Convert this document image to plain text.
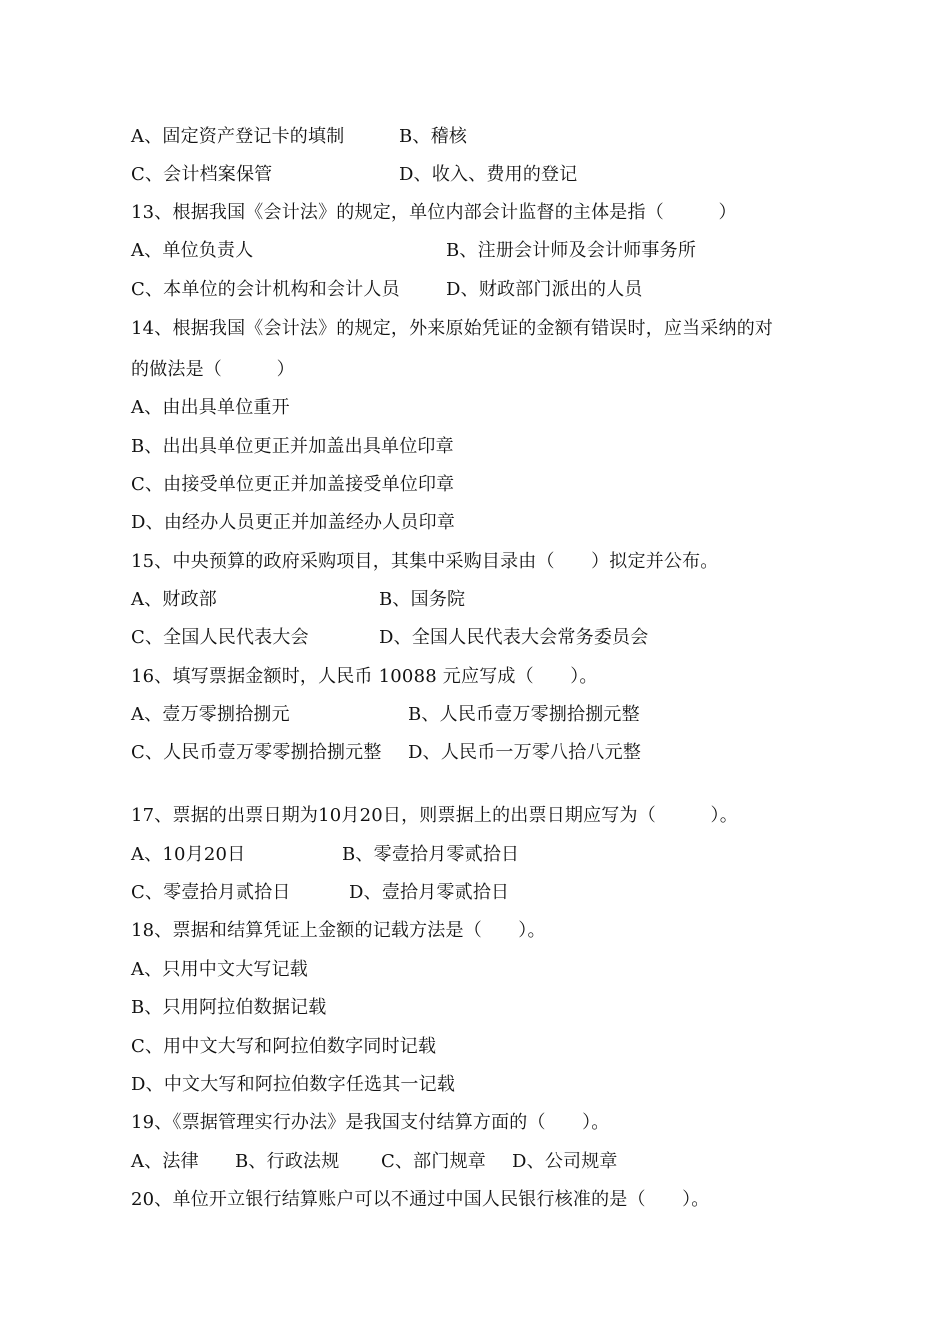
A、固定资产登记卡的填制

	B、稽核

C、会计档案保管

	D、收入、费用的登记

13、根据我国《会计法》的规定，单位内部会计监督的主体是指（　　　）

A、单位负责人

	B、注册会计师及会计师事务所

C、本单位的会计机构和会计人员

	D、财政部门派出的人员

14、根据我国《会计法》的规定，外来原始凭证的金额有错误时，应当采纳的对

的做法是（　　　）

A、由出具单位重开

B、出出具单位更正并加盖出具单位印章

C、由接受单位更正并加盖接受单位印章

D、由经办人员更正并加盖经办人员印章

15、中央预算的政府采购项目，其集中采购目录由（　　）拟定并公布。

A、财政部

	B、国务院

C、全国人民代表大会

	D、全国人民代表大会常务委员会

16、填写票据金额时，人民币 10088 元应写成（　　）。

A、壹万零捌拾捌元

	B、人民币壹万零捌拾捌元整

C、人民币壹万零零捌拾捌元整

D、人民币一万零八拾八元整

17、票据的出票日期为10月20日，则票据上的出票日期应写为（　　　）。

A、10月20日

	B、零壹拾月零贰拾日

C、零壹拾月贰拾日

	D、壹拾月零贰拾日

18、票据和结算凭证上金额的记载方法是（　　）。

A、只用中文大写记载

B、只用阿拉伯数据记载

C、用中文大写和阿拉伯数字同时记载

D、中文大写和阿拉伯数字任选其一记载

19、《票据管理实行办法》是我国支付结算方面的（　　）。

A、法律

B、行政法规

C、部门规章

D、公司规章

20、单位开立银行结算账户可以不通过中国人民银行核准的是（　　）。
